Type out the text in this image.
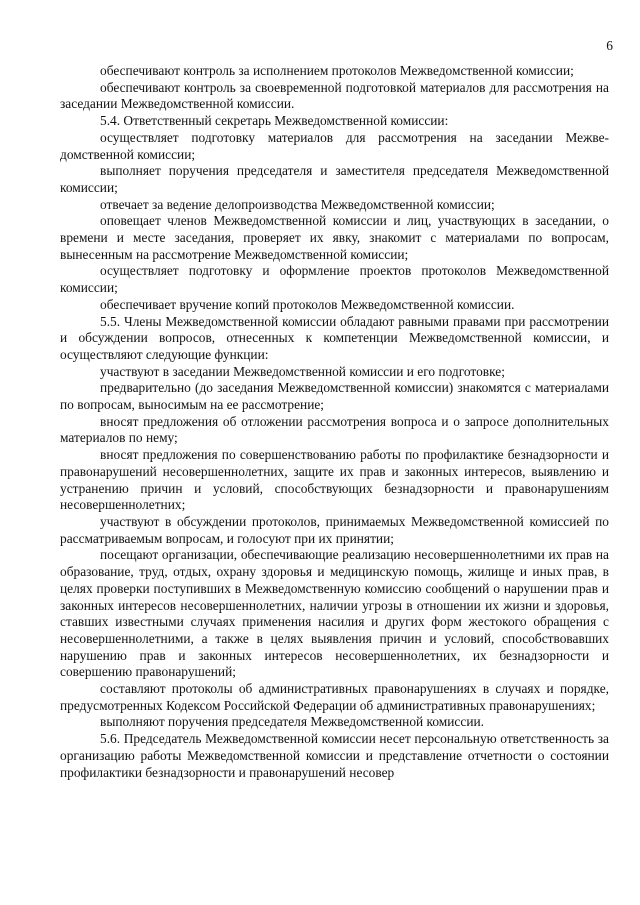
6

обеспечивают контроль за исполнением протоколов Межведомственной комиссии;

обеспечивают контроль за своевременной подготовкой материалов для рассмотрения на заседании Межведомственной комиссии.

5.4. Ответственный секретарь Межведомственной комиссии:

осуществляет подготовку материалов для рассмотрения на заседании Межведомственной комиссии;

выполняет поручения председателя и заместителя председателя Межведомственной комиссии;

отвечает за ведение делопроизводства Межведомственной комиссии;

оповещает членов Межведомственной комиссии и лиц, участвующих в заседании, о времени и месте заседания, проверяет их явку, знакомит с материалами по вопросам, вынесенным на рассмотрение Межведомственной комиссии;

осуществляет подготовку и оформление проектов протоколов Межведомственной комиссии;

обеспечивает вручение копий протоколов Межведомственной комиссии.

5.5. Члены Межведомственной комиссии обладают равными правами при рассмотрении и обсуждении вопросов, отнесенных к компетенции Межведомственной комиссии, и осуществляют следующие функции:

участвуют в заседании Межведомственной комиссии и его подготовке;

предварительно (до заседания Межведомственной комиссии) знакомятся с материалами по вопросам, выносимым на ее рассмотрение;

вносят предложения об отложении рассмотрения вопроса и о запросе дополнительных материалов по нему;

вносят предложения по совершенствованию работы по профилактике безнадзорности и правонарушений несовершеннолетних, защите их прав и законных интересов, выявлению и устранению причин и условий, способствующих безнадзорности и правонарушениям несовершеннолетних;

участвуют в обсуждении протоколов, принимаемых Межведомственной комиссией по рассматриваемым вопросам, и голосуют при их принятии;

посещают организации, обеспечивающие реализацию несовершеннолетними их прав на образование, труд, отдых, охрану здоровья и медицинскую помощь, жилище и иных прав, в целях проверки поступивших в Межведомственную комиссию сообщений о нарушении прав и законных интересов несовершеннолетних, наличии угрозы в отношении их жизни и здоровья, ставших известными случаях применения насилия и других форм жестокого обращения с несовершеннолетними, а также в целях выявления причин и условий, способствовавших нарушению прав и законных интересов несовершеннолетних, их безнадзорности и совершению правонарушений;

составляют протоколы об административных правонарушениях в случаях и порядке, предусмотренных Кодексом Российской Федерации об административных правонарушениях;

выполняют поручения председателя Межведомственной комиссии.

5.6. Председатель Межведомственной комиссии несет персональную ответственность за организацию работы Межведомственной комиссии и представление отчетности о состоянии профилактики безнадзорности и правонарушений несовер
